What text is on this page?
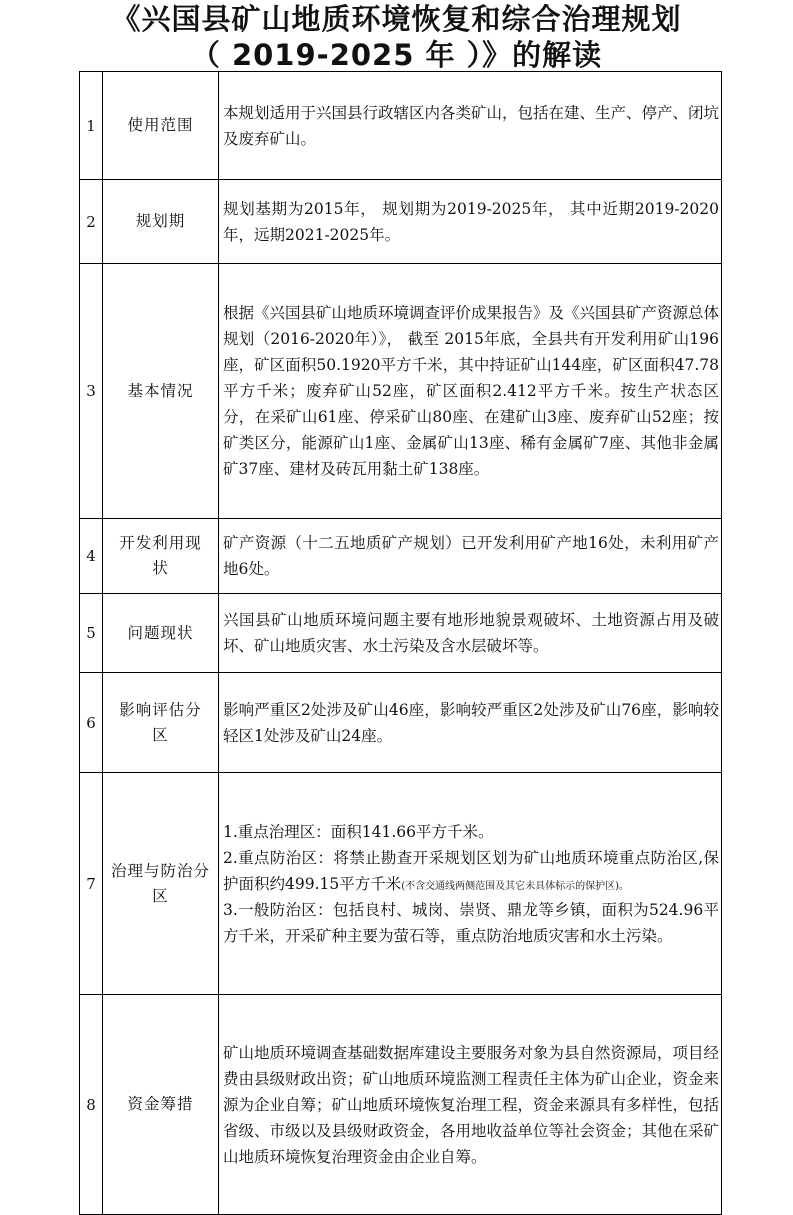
《兴国县矿山地质环境恢复和综合治理规划
（ 2019-2025 年 ）》的解读
1	使用范围	本规划适用于兴国县行政辖区内各类矿山，包括在建、生产、停产、闭坑及废弃矿山。
2	规划期	规划基期为2015年， 规划期为2019-2025年， 其中近期2019-2020年，远期2021-2025年。
3	基本情况	根据《兴国县矿山地质环境调查评价成果报告》及《兴国县矿产资源总体规划（2016-2020年）》， 截至 2015年底，全县共有开发利用矿山196座，矿区面积50.1920平方千米，其中持证矿山144座，矿区面积47.78平方千米；废弃矿山52座，矿区面积2.412平方千米。按生产状态区分，在采矿山61座、停采矿山80座、在建矿山3座、废弃矿山52座；按矿类区分，能源矿山1座、金属矿山13座、稀有金属矿7座、其他非金属矿37座、建材及砖瓦用黏土矿138座。
4	开发利用现　状	矿产资源（十二五地质矿产规划）已开发利用矿产地16处，未利用矿产地6处。
5	问题现状	兴国县矿山地质环境问题主要有地形地貌景观破坏、土地资源占用及破坏、矿山地质灾害、水土污染及含水层破坏等。
6	影响评估分　区	影响严重区2处涉及矿山46座，影响较严重区2处涉及矿山76座，影响较轻区1处涉及矿山24座。
7	治理与防治分　区	1.重点治理区：面积141.66平方千米。
2.重点防治区：将禁止勘查开采规划区划为矿山地质环境重点防治区,保护面积约499.15平方千米(不含交通线两侧范围及其它未具体标示的保护区)。
3.一般防治区：包括良村、城岗、崇贤、鼎龙等乡镇，面积为524.96平方千米，开采矿种主要为萤石等，重点防治地质灾害和水土污染。

8	资金筹措	矿山地质环境调查基础数据库建设主要服务对象为县自然资源局，项目经费由县级财政出资；矿山地质环境监测工程责任主体为矿山企业，资金来源为企业自筹；矿山地质环境恢复治理工程，资金来源具有多样性，包括省级、市级以及县级财政资金，各用地收益单位等社会资金；其他在采矿山地质环境恢复治理资金由企业自筹。
